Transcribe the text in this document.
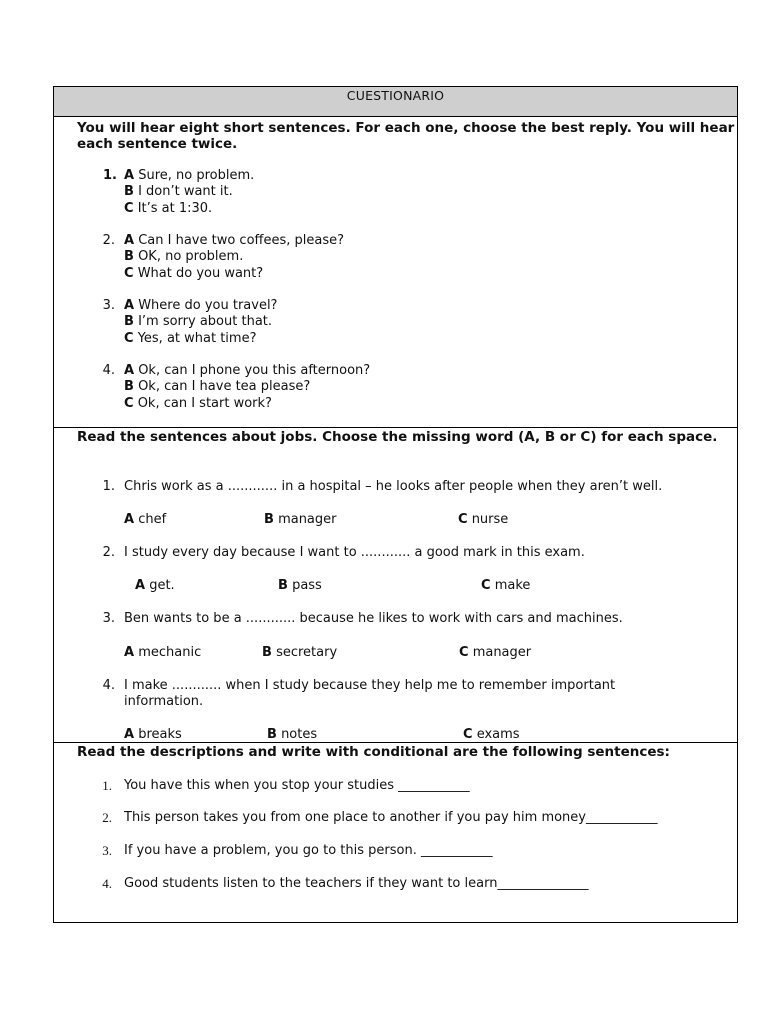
CUESTIONARIO
You will hear eight short sentences. For each one, choose the best reply. You will hear each sentence twice.
1. A Sure, no problem.
B I don’t want it.
C It’s at 1:30.
2. A Can I have two coffees, please?
B OK, no problem.
C What do you want?
3. A Where do you travel?
B I’m sorry about that.
C Yes, at what time?
4. A Ok, can I phone you this afternoon?
B Ok, can I have tea please?
C Ok, can I start work?
Read the sentences about jobs. Choose the missing word (A, B or C) for each space.
1. Chris work as a ............ in a hospital – he looks after people when they aren’t well.
A chef	B manager	C nurse
2. I study every day because I want to ............ a good mark in this exam.
A get.	B pass	C make
3. Ben wants to be a ............ because he likes to work with cars and machines.
A mechanic	B secretary	C manager
4. I make ............ when I study because they help me to remember important
information.
A breaks	B notes	C exams
Read the descriptions and write with conditional are the following sentences:
1. You have this when you stop your studies ___________
2. This person takes you from one place to another if you pay him money___________
3. If you have a problem, you go to this person. ___________
4. Good students listen to the teachers if they want to learn______________
